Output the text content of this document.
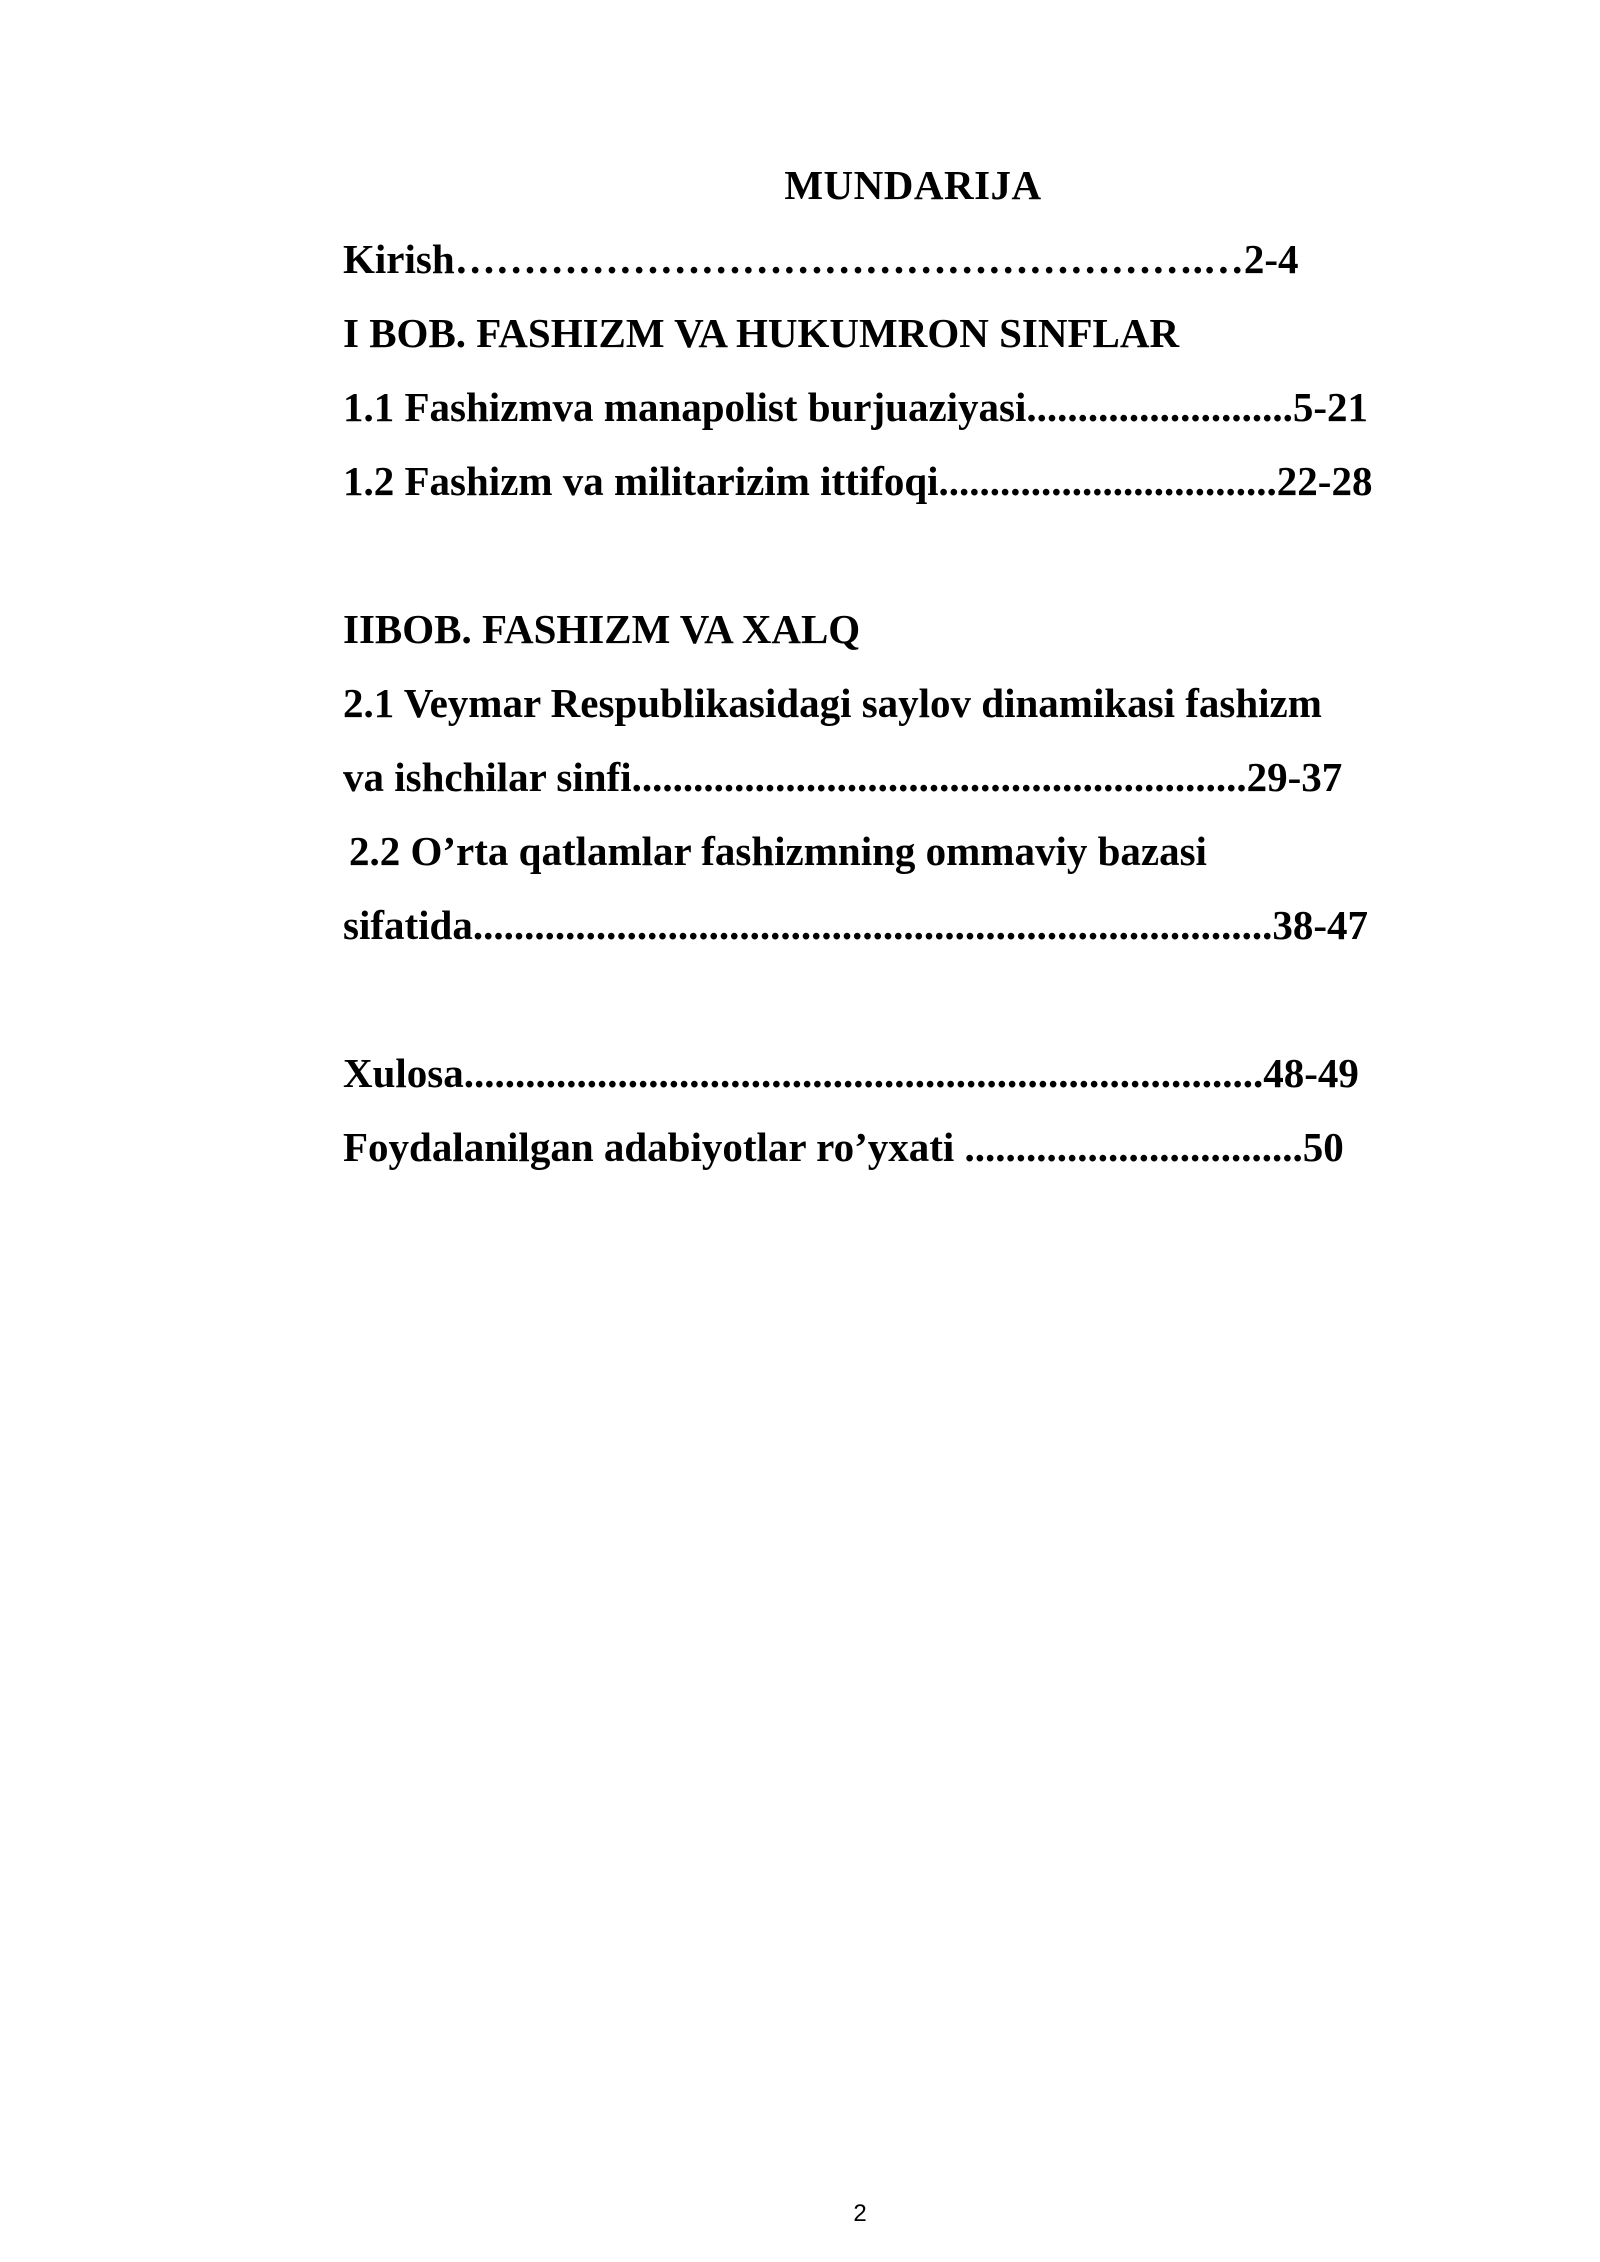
MUNDARIJA
Kirish……………………………………………….…2-4
I BOB. FASHIZM VA HUKUMRON SINFLAR
1.1 Fashizmva manapolist burjuaziyasi..........................5-21
1.2 Fashizm va militarizim ittifoqi.................................22-28
IIBOB. FASHIZM VA XALQ
2.1 Veymar Respublikasidagi saylov dinamikasi fashizm
va ishchilar sinfi............................................................29-37
2.2 O’rta qatlamlar fashizmning ommaviy bazasi
sifatida..............................................................................38-47
Xulosa..............................................................................48-49
Foydalanilgan adabiyotlar ro’yxati .................................50
2
